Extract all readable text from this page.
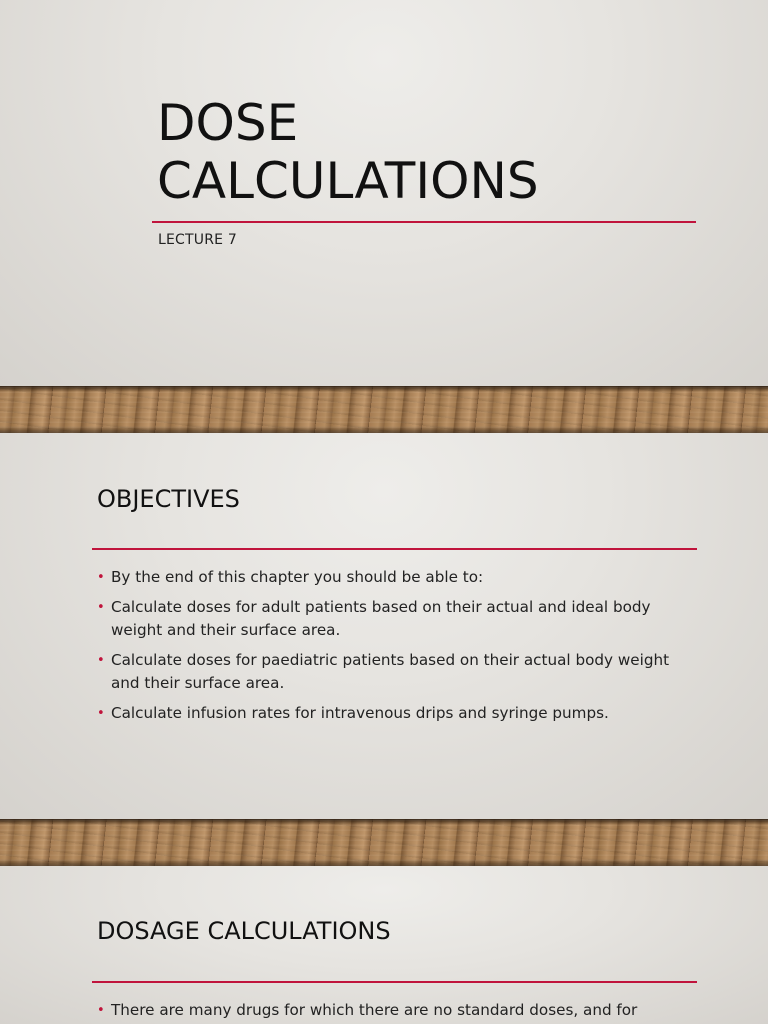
DOSE
CALCULATIONS
LECTURE 7
OBJECTIVES
• By the end of this chapter you should be able to:
• Calculate doses for adult patients based on their actual and ideal body weight and their surface area.
• Calculate doses for paediatric patients based on their actual body weight and their surface area.
• Calculate infusion rates for intravenous drips and syringe pumps.
DOSAGE CALCULATIONS
• There are many drugs for which there are no standard doses, and for
